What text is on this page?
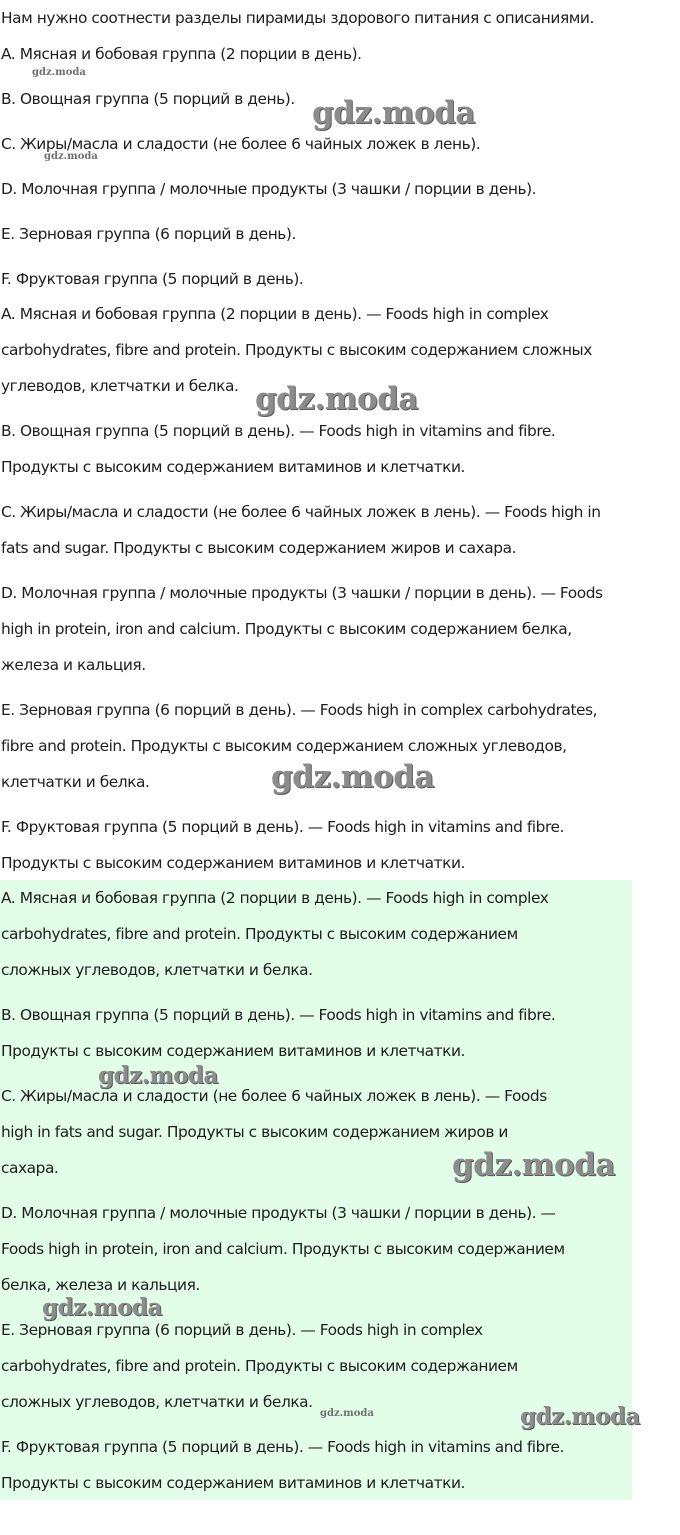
Нам нужно соотнести разделы пирамиды здорового питания с описаниями.
A. Мясная и бобовая группа (2 порции в день).
B. Овощная группа (5 порций в день).
C. Жиры/масла и сладости (не более 6 чайных ложек в лень).
D. Молочная группа / молочные продукты (3 чашки / порции в день).
E. Зерновая группа (6 порций в день).
F. Фруктовая группа (5 порций в день).
A. Мясная и бобовая группа (2 порции в день). — Foods high in complex
carbohydrates, fibre and protein. Продукты с высоким содержанием сложных
углеводов, клетчатки и белка.
B. Овощная группа (5 порций в день). — Foods high in vitamins and fibre.
Продукты с высоким содержанием витаминов и клетчатки.
C. Жиры/масла и сладости (не более 6 чайных ложек в лень). — Foods high in
fats and sugar. Продукты с высоким содержанием жиров и сахара.
D. Молочная группа / молочные продукты (3 чашки / порции в день). — Foods
high in protein, iron and calcium. Продукты с высоким содержанием белка,
железа и кальция.
E. Зерновая группа (6 порций в день). — Foods high in complex carbohydrates,
fibre and protein. Продукты с высоким содержанием сложных углеводов,
клетчатки и белка.
F. Фруктовая группа (5 порций в день). — Foods high in vitamins and fibre.
Продукты с высоким содержанием витаминов и клетчатки.
A. Мясная и бобовая группа (2 порции в день). — Foods high in complex
carbohydrates, fibre and protein. Продукты с высоким содержанием
сложных углеводов, клетчатки и белка.
B. Овощная группа (5 порций в день). — Foods high in vitamins and fibre.
Продукты с высоким содержанием витаминов и клетчатки.
C. Жиры/масла и сладости (не более 6 чайных ложек в лень). — Foods
high in fats and sugar. Продукты с высоким содержанием жиров и
сахара.
D. Молочная группа / молочные продукты (3 чашки / порции в день). —
Foods high in protein, iron and calcium. Продукты с высоким содержанием
белка, железа и кальция.
E. Зерновая группа (6 порций в день). — Foods high in complex
carbohydrates, fibre and protein. Продукты с высоким содержанием
сложных углеводов, клетчатки и белка.
F. Фруктовая группа (5 порций в день). — Foods high in vitamins and fibre.
Продукты с высоким содержанием витаминов и клетчатки.
gdz.moda
gdz.moda
gdz.moda
gdz.moda
gdz.moda
gdz.moda
gdz.moda
gdz.moda
gdz.moda	gdz.moda
